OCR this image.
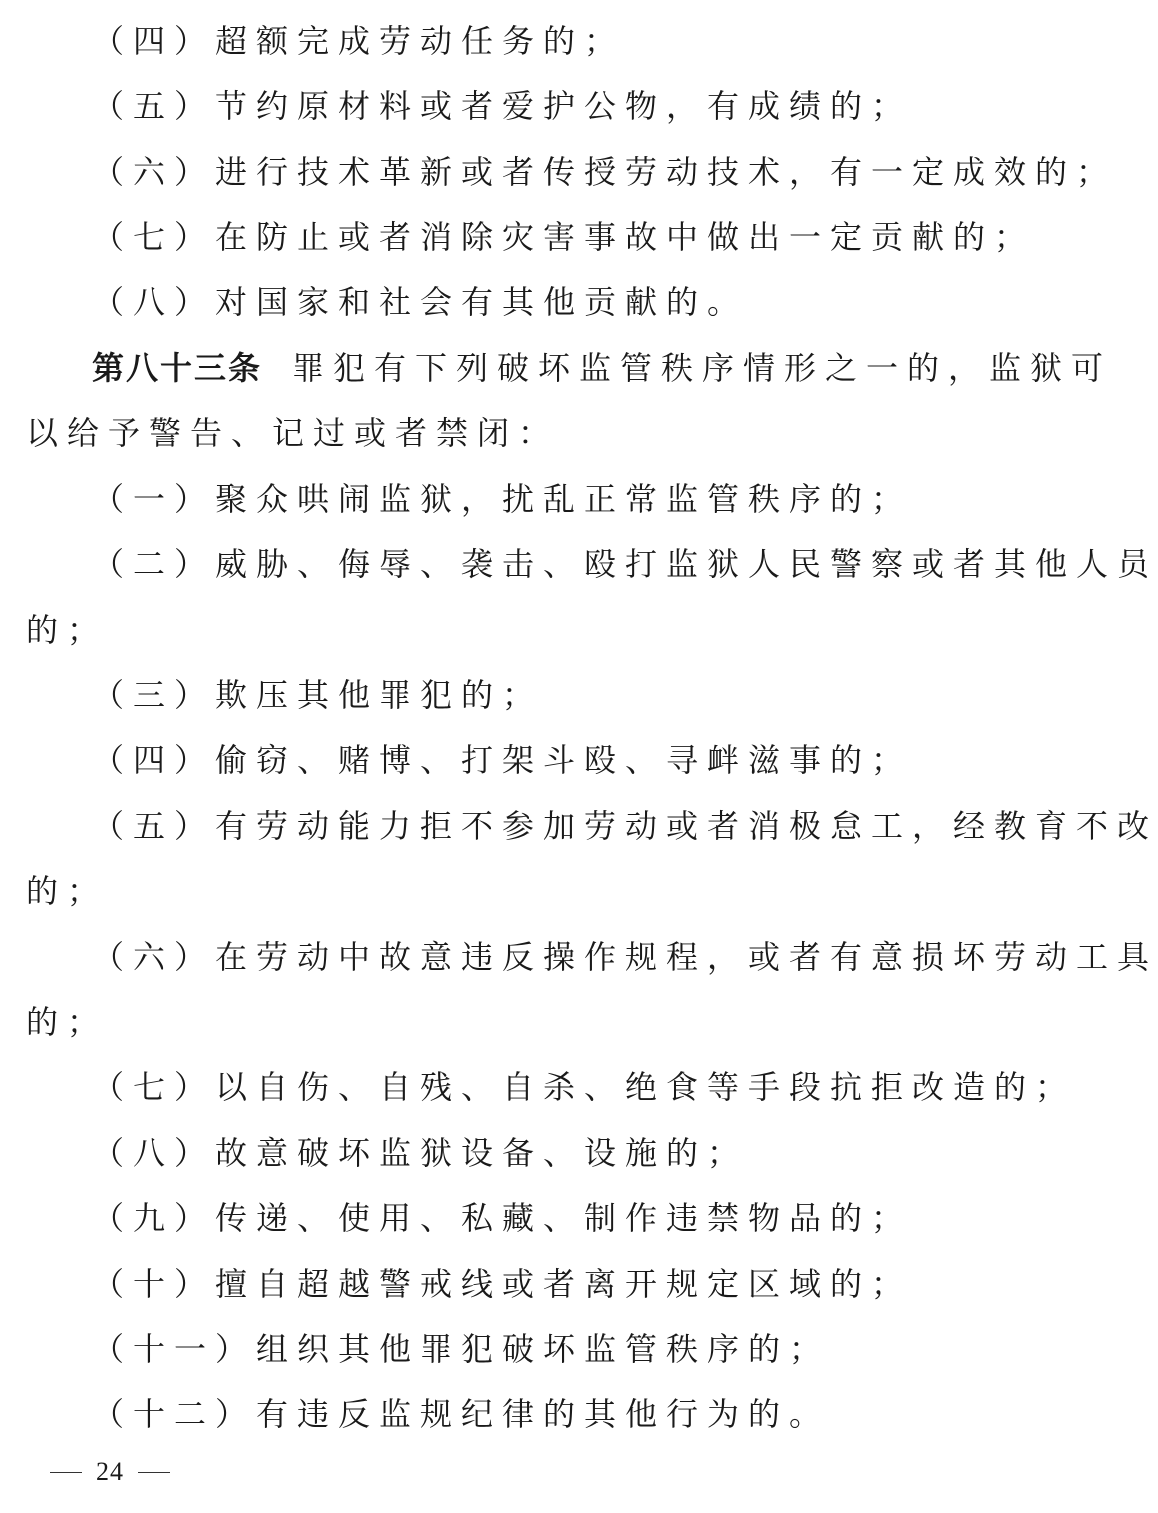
（四）超额完成劳动任务的；
（五）节约原材料或者爱护公物，有成绩的；
（六）进行技术革新或者传授劳动技术，有一定成效的；
（七）在防止或者消除灾害事故中做出一定贡献的；
（八）对国家和社会有其他贡献的。
第八十三条 罪犯有下列破坏监管秩序情形之一的，监狱可
以给予警告、记过或者禁闭：
（一）聚众哄闹监狱，扰乱正常监管秩序的；
（二）威胁、侮辱、袭击、殴打监狱人民警察或者其他人员
的；
（三）欺压其他罪犯的；
（四）偷窃、赌博、打架斗殴、寻衅滋事的；
（五）有劳动能力拒不参加劳动或者消极怠工，经教育不改
的；
（六）在劳动中故意违反操作规程，或者有意损坏劳动工具
的；
（七）以自伤、自残、自杀、绝食等手段抗拒改造的；
（八）故意破坏监狱设备、设施的；
（九）传递、使用、私藏、制作违禁物品的；
（十）擅自超越警戒线或者离开规定区域的；
（十一）组织其他罪犯破坏监管秩序的；
（十二）有违反监规纪律的其他行为的。
24
